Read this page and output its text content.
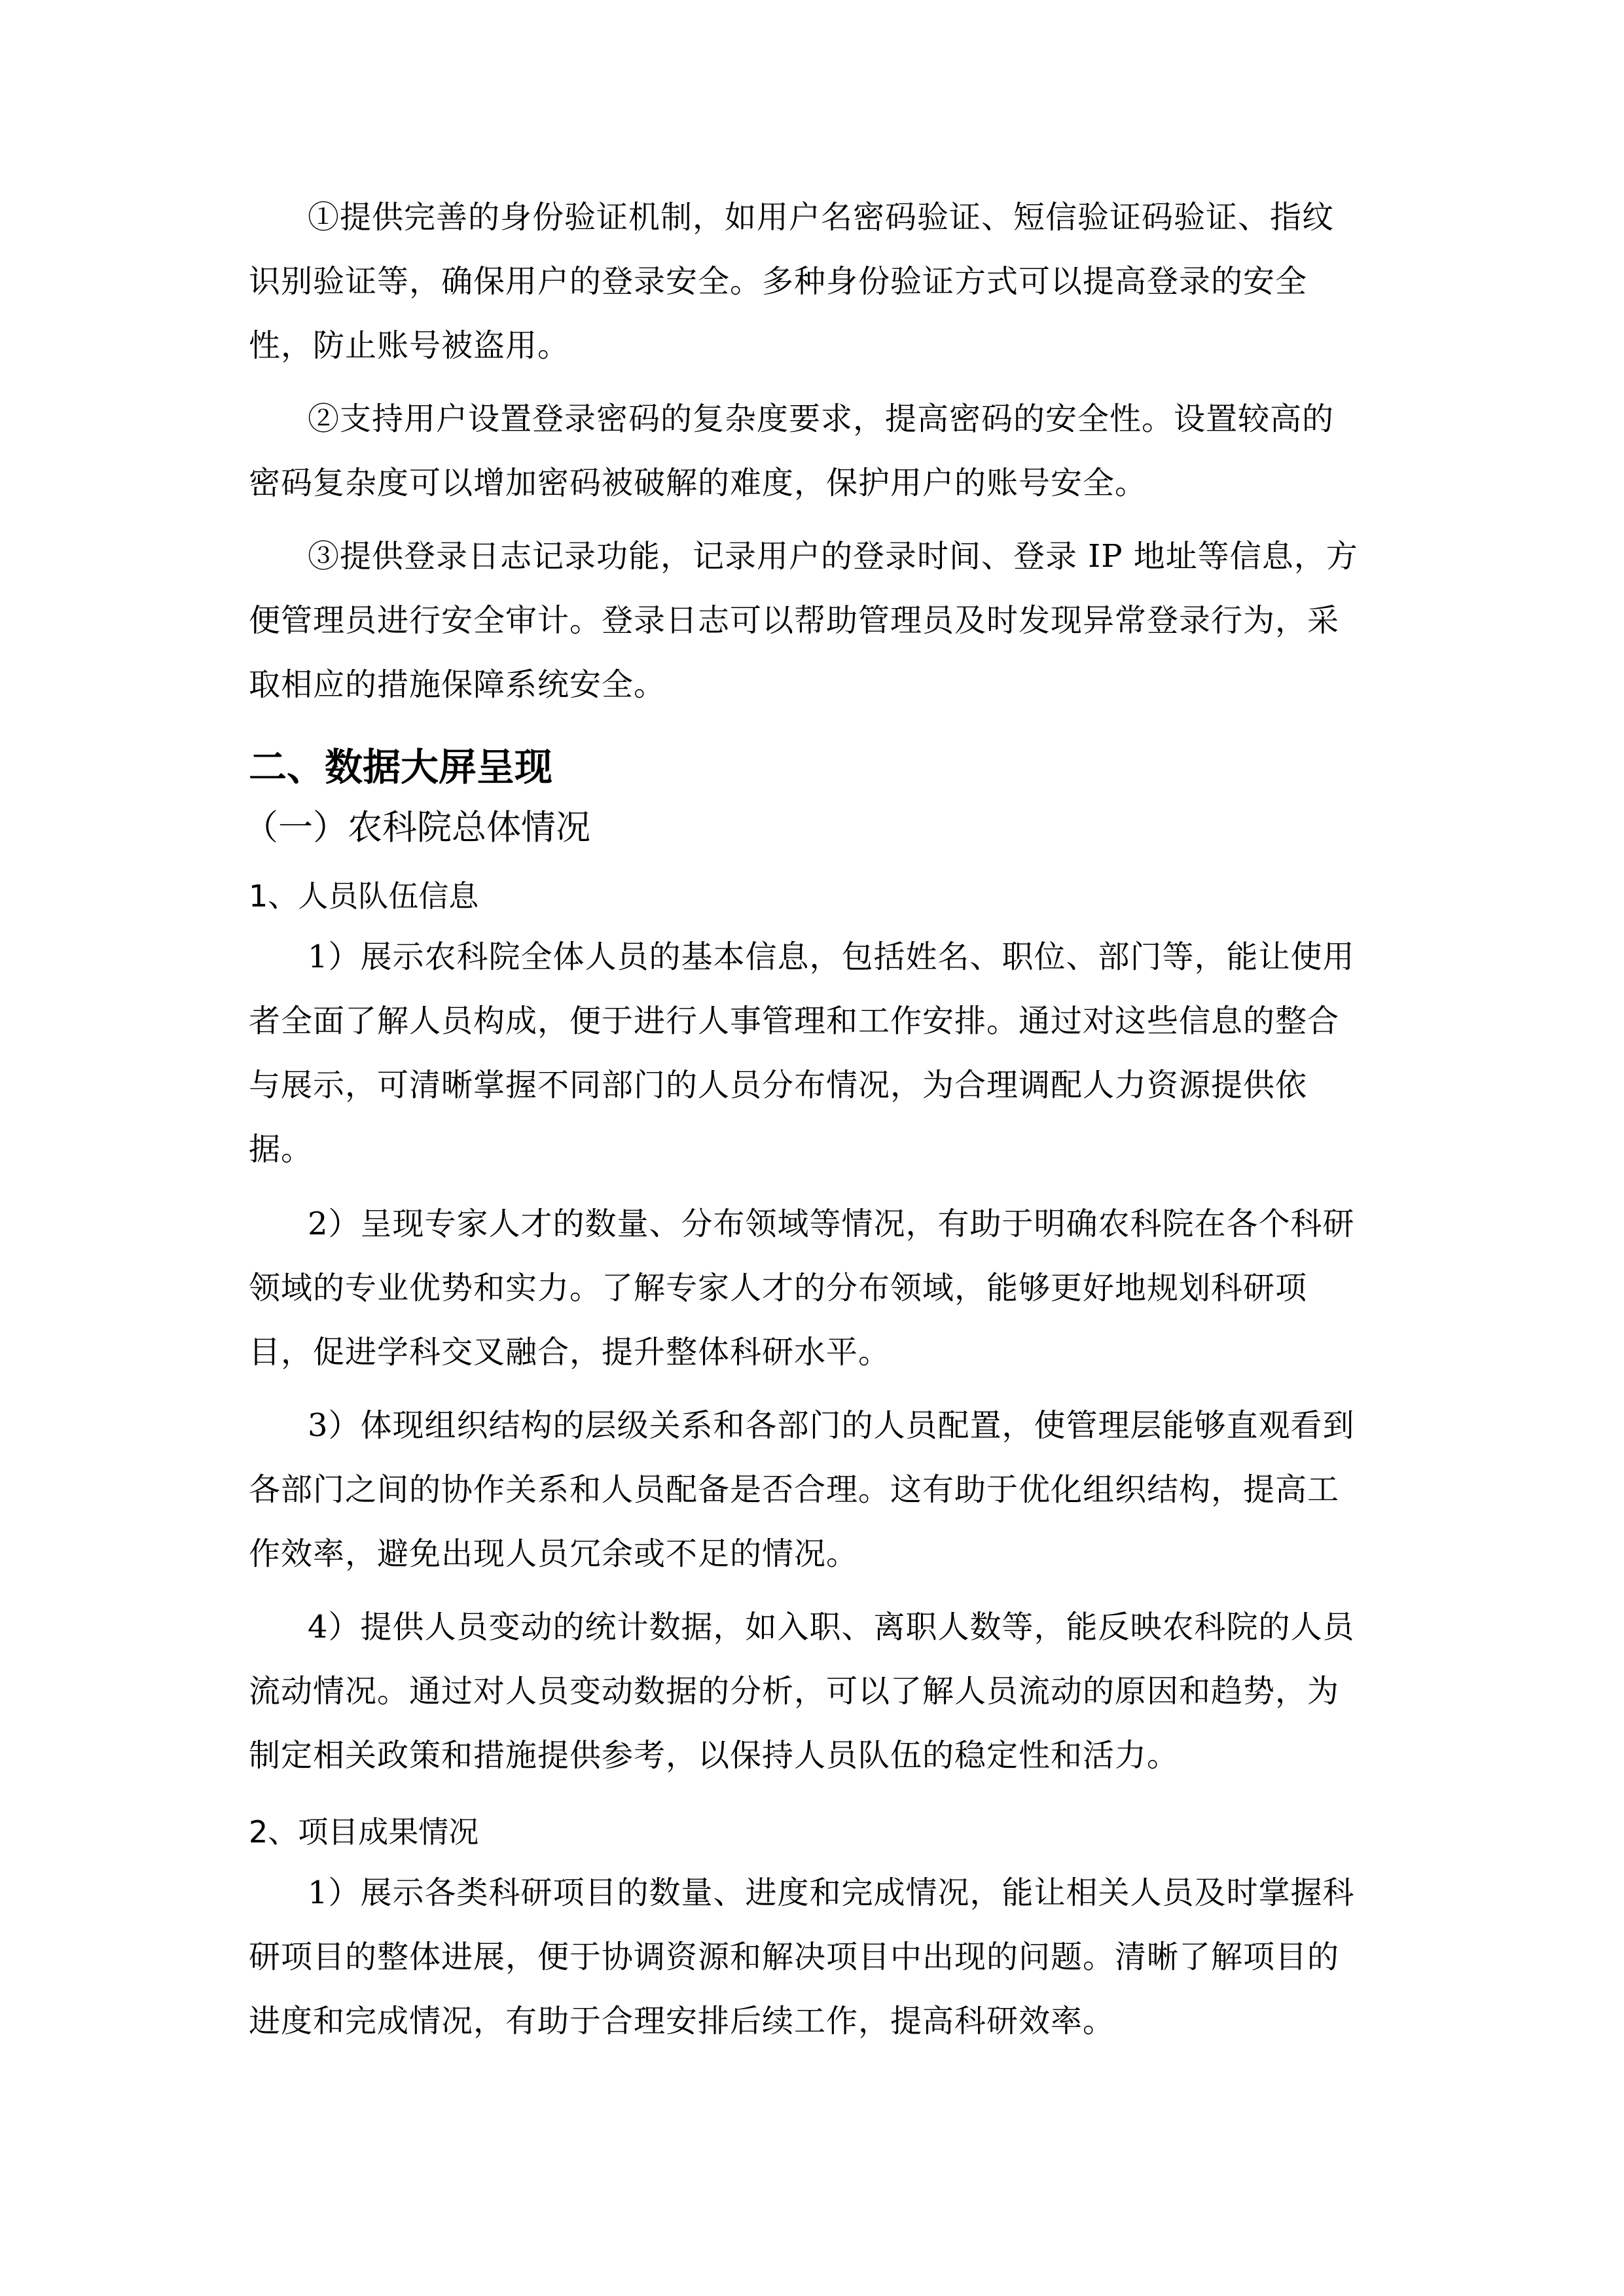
①提供完善的身份验证机制，如用户名密码验证、短信验证码验证、指纹
识别验证等，确保用户的登录安全。多种身份验证方式可以提高登录的安全
性，防止账号被盗用。
②支持用户设置登录密码的复杂度要求，提高密码的安全性。设置较高的
密码复杂度可以增加密码被破解的难度，保护用户的账号安全。
③提供登录日志记录功能，记录用户的登录时间、登录 IP 地址等信息，方
便管理员进行安全审计。登录日志可以帮助管理员及时发现异常登录行为，采
取相应的措施保障系统安全。
二、数据大屏呈现
（一）农科院总体情况
1、人员队伍信息
1）展示农科院全体人员的基本信息，包括姓名、职位、部门等，能让使用
者全面了解人员构成，便于进行人事管理和工作安排。通过对这些信息的整合
与展示，可清晰掌握不同部门的人员分布情况，为合理调配人力资源提供依
据。
2）呈现专家人才的数量、分布领域等情况，有助于明确农科院在各个科研
领域的专业优势和实力。了解专家人才的分布领域，能够更好地规划科研项
目，促进学科交叉融合，提升整体科研水平。
3）体现组织结构的层级关系和各部门的人员配置，使管理层能够直观看到
各部门之间的协作关系和人员配备是否合理。这有助于优化组织结构，提高工
作效率，避免出现人员冗余或不足的情况。
4）提供人员变动的统计数据，如入职、离职人数等，能反映农科院的人员
流动情况。通过对人员变动数据的分析，可以了解人员流动的原因和趋势，为
制定相关政策和措施提供参考，以保持人员队伍的稳定性和活力。
2、项目成果情况
1）展示各类科研项目的数量、进度和完成情况，能让相关人员及时掌握科
研项目的整体进展，便于协调资源和解决项目中出现的问题。清晰了解项目的
进度和完成情况，有助于合理安排后续工作，提高科研效率。
